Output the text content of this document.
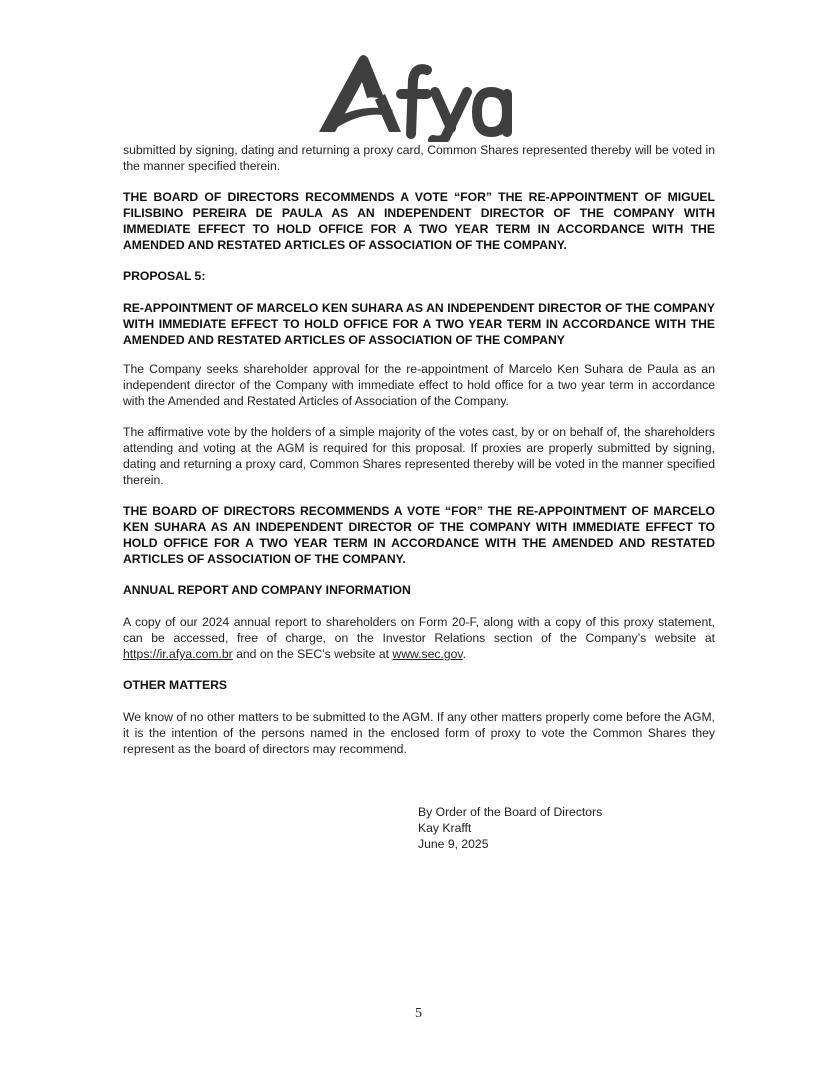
submitted by signing, dating and returning a proxy card, Common Shares represented thereby will be voted in the manner specified therein.

THE BOARD OF DIRECTORS RECOMMENDS A VOTE “FOR” THE RE-APPOINTMENT OF MIGUEL FILISBINO PEREIRA DE PAULA AS AN INDEPENDENT DIRECTOR OF THE COMPANY WITH IMMEDIATE EFFECT TO HOLD OFFICE FOR A TWO YEAR TERM IN ACCORDANCE WITH THE AMENDED AND RESTATED ARTICLES OF ASSOCIATION OF THE COMPANY.

PROPOSAL 5:

RE-APPOINTMENT OF MARCELO KEN SUHARA AS AN INDEPENDENT DIRECTOR OF THE COMPANY WITH IMMEDIATE EFFECT TO HOLD OFFICE FOR A TWO YEAR TERM IN ACCORDANCE WITH THE AMENDED AND RESTATED ARTICLES OF ASSOCIATION OF THE COMPANY

The Company seeks shareholder approval for the re-appointment of Marcelo Ken Suhara de Paula as an independent director of the Company with immediate effect to hold office for a two year term in accordance with the Amended and Restated Articles of Association of the Company.

The affirmative vote by the holders of a simple majority of the votes cast, by or on behalf of, the shareholders attending and voting at the AGM is required for this proposal. If proxies are properly submitted by signing, dating and returning a proxy card, Common Shares represented thereby will be voted in the manner specified therein.

THE BOARD OF DIRECTORS RECOMMENDS A VOTE “FOR” THE RE-APPOINTMENT OF MARCELO KEN SUHARA AS AN INDEPENDENT DIRECTOR OF THE COMPANY WITH IMMEDIATE EFFECT TO HOLD OFFICE FOR A TWO YEAR TERM IN ACCORDANCE WITH THE AMENDED AND RESTATED ARTICLES OF ASSOCIATION OF THE COMPANY.

ANNUAL REPORT AND COMPANY INFORMATION

A copy of our 2024 annual report to shareholders on Form 20-F, along with a copy of this proxy statement, can be accessed, free of charge, on the Investor Relations section of the Company’s website at https://ir.afya.com.br and on the SEC’s website at www.sec.gov.

OTHER MATTERS

We know of no other matters to be submitted to the AGM. If any other matters properly come before the AGM, it is the intention of the persons named in the enclosed form of proxy to vote the Common Shares they represent as the board of directors may recommend.

By Order of the Board of Directors
Kay Krafft
June 9, 2025
5
